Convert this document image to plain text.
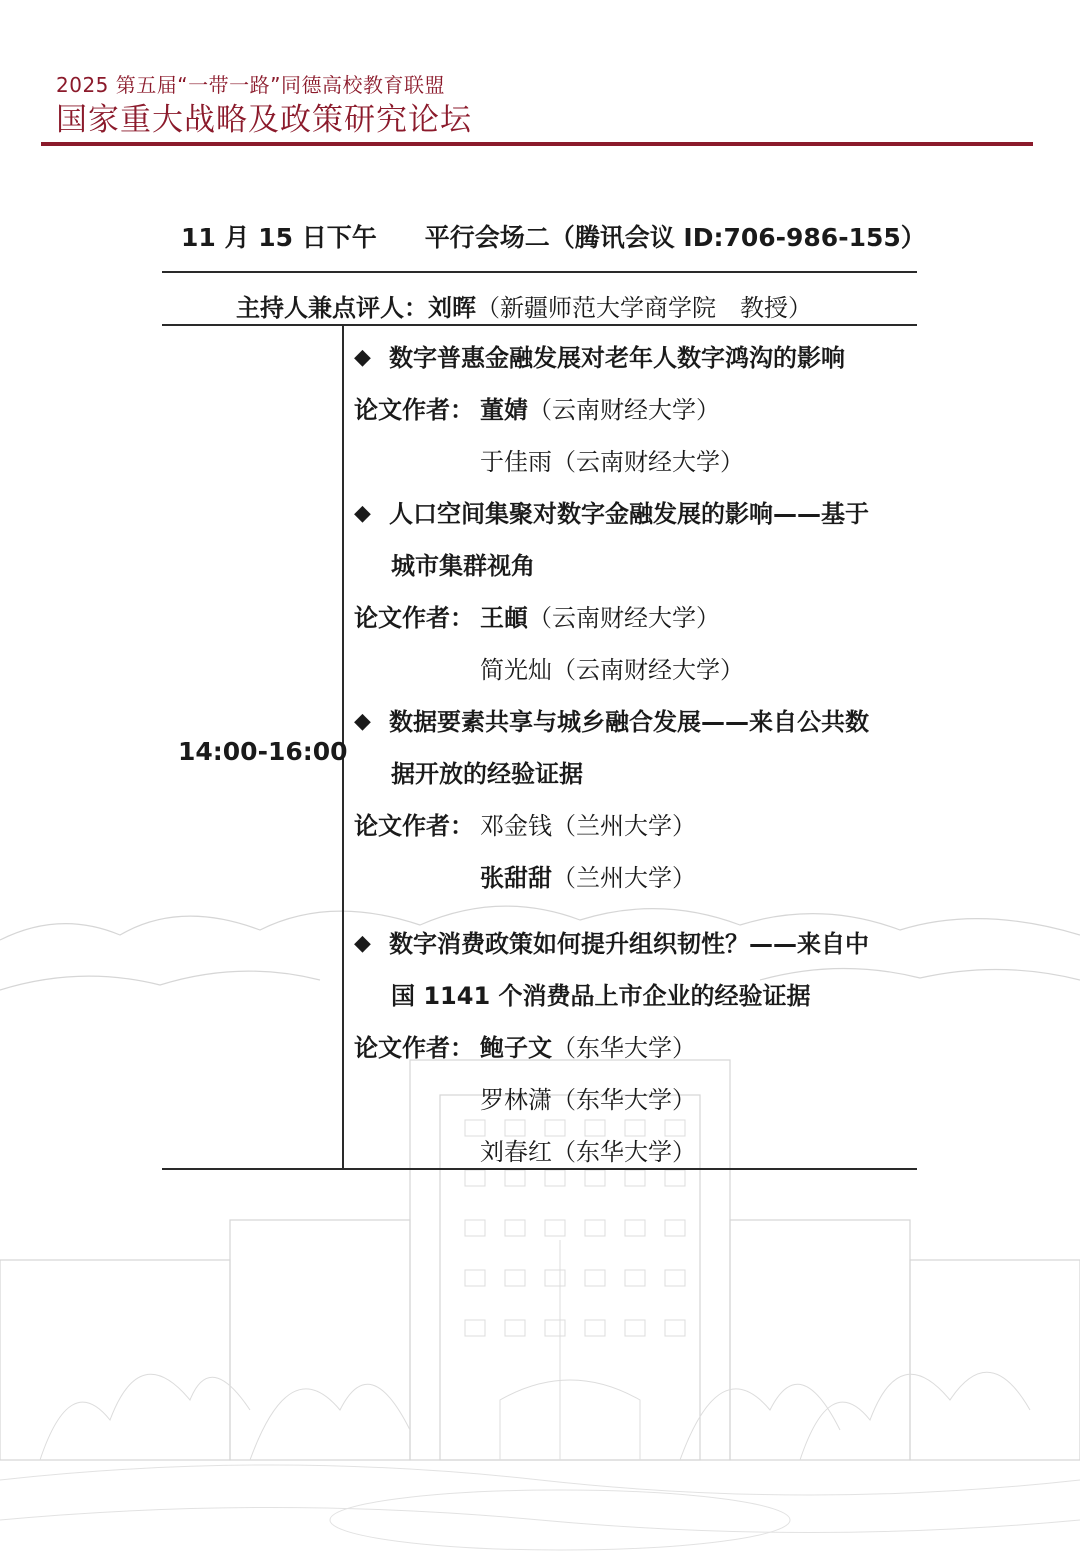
2025 第五届“一带一路”同德高校教育联盟
国家重大战略及政策研究论坛
11 月 15 日下午 平行会场二（腾讯会议 ID:706-986-155）
主持人兼点评人：刘晖（新疆师范大学商学院　教授）
14:00-16:00
◆ 数字普惠金融发展对老年人数字鸿沟的影响
论文作者： 董婧（云南财经大学）
于佳雨（云南财经大学）
◆ 人口空间集聚对数字金融发展的影响——基于
城市集群视角
论文作者： 王頔（云南财经大学）
简光灿（云南财经大学）
◆ 数据要素共享与城乡融合发展——来自公共数
据开放的经验证据
论文作者： 邓金钱（兰州大学）
张甜甜（兰州大学）
◆ 数字消费政策如何提升组织韧性？——来自中
国 1141 个消费品上市企业的经验证据
论文作者： 鲍子文（东华大学）
罗林潇（东华大学）
刘春红（东华大学）
